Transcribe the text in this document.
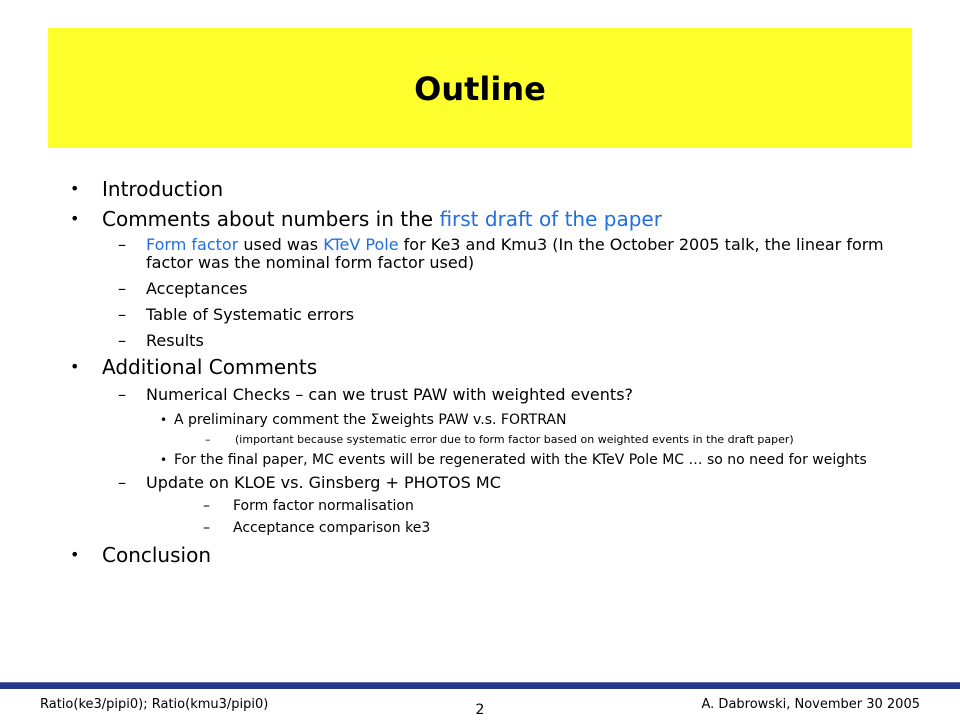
Outline

• Introduction

• Comments about numbers in the first draft of the paper

– Form factor used was KTeV Pole for Ke3 and Kmu3 (In the October 2005 talk, the linear form factor was the nominal form factor used)

– Acceptances

– Table of Systematic errors

– Results

• Additional Comments

– Numerical Checks – can we trust PAW with weighted events?

• A preliminary comment the Σweights PAW v.s. FORTRAN

– (important because systematic error due to form factor based on weighted events in the draft paper)

• For the final paper, MC events will be regenerated with the KTeV Pole MC … so no need for weights

– Update on KLOE vs. Ginsberg + PHOTOS MC

– Form factor normalisation

– Acceptance comparison ke3

• Conclusion

Ratio(ke3/pipi0); Ratio(kmu3/pipi0)	2	A. Dabrowski, November 30 2005
